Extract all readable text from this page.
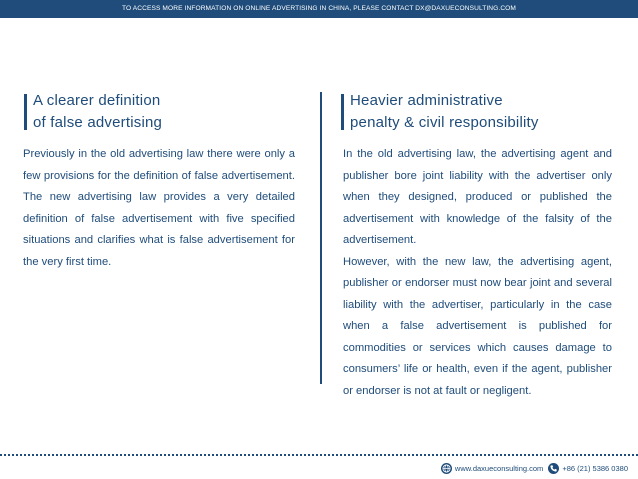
TO ACCESS MORE INFORMATION ON ONLINE ADVERTISING IN CHINA, PLEASE CONTACT DX@DAXUECONSULTING.COM
A clearer definition
of false advertising

Previously in the old advertising law there were only a few provisions for the definition of false advertisement. The new advertising law provides a very detailed definition of false advertisement with five specified situations and clarifies what is false advertisement for the very first time.

Heavier administrative
penalty & civil responsibility

In the old advertising law, the advertising agent and publisher bore joint liability with the advertiser only when they designed, produced or published the advertisement with knowledge of the falsity of the advertisement.

However, with the new law, the advertising agent, publisher or endorser must now bear joint and several liability with the advertiser, particularly in the case when a false advertisement is published for commodities or services which causes damage to consumers’ life or health, even if the agent, publisher or endorser is not at fault or negligent.

www.daxueconsulting.com	+86 (21) 5386 0380
